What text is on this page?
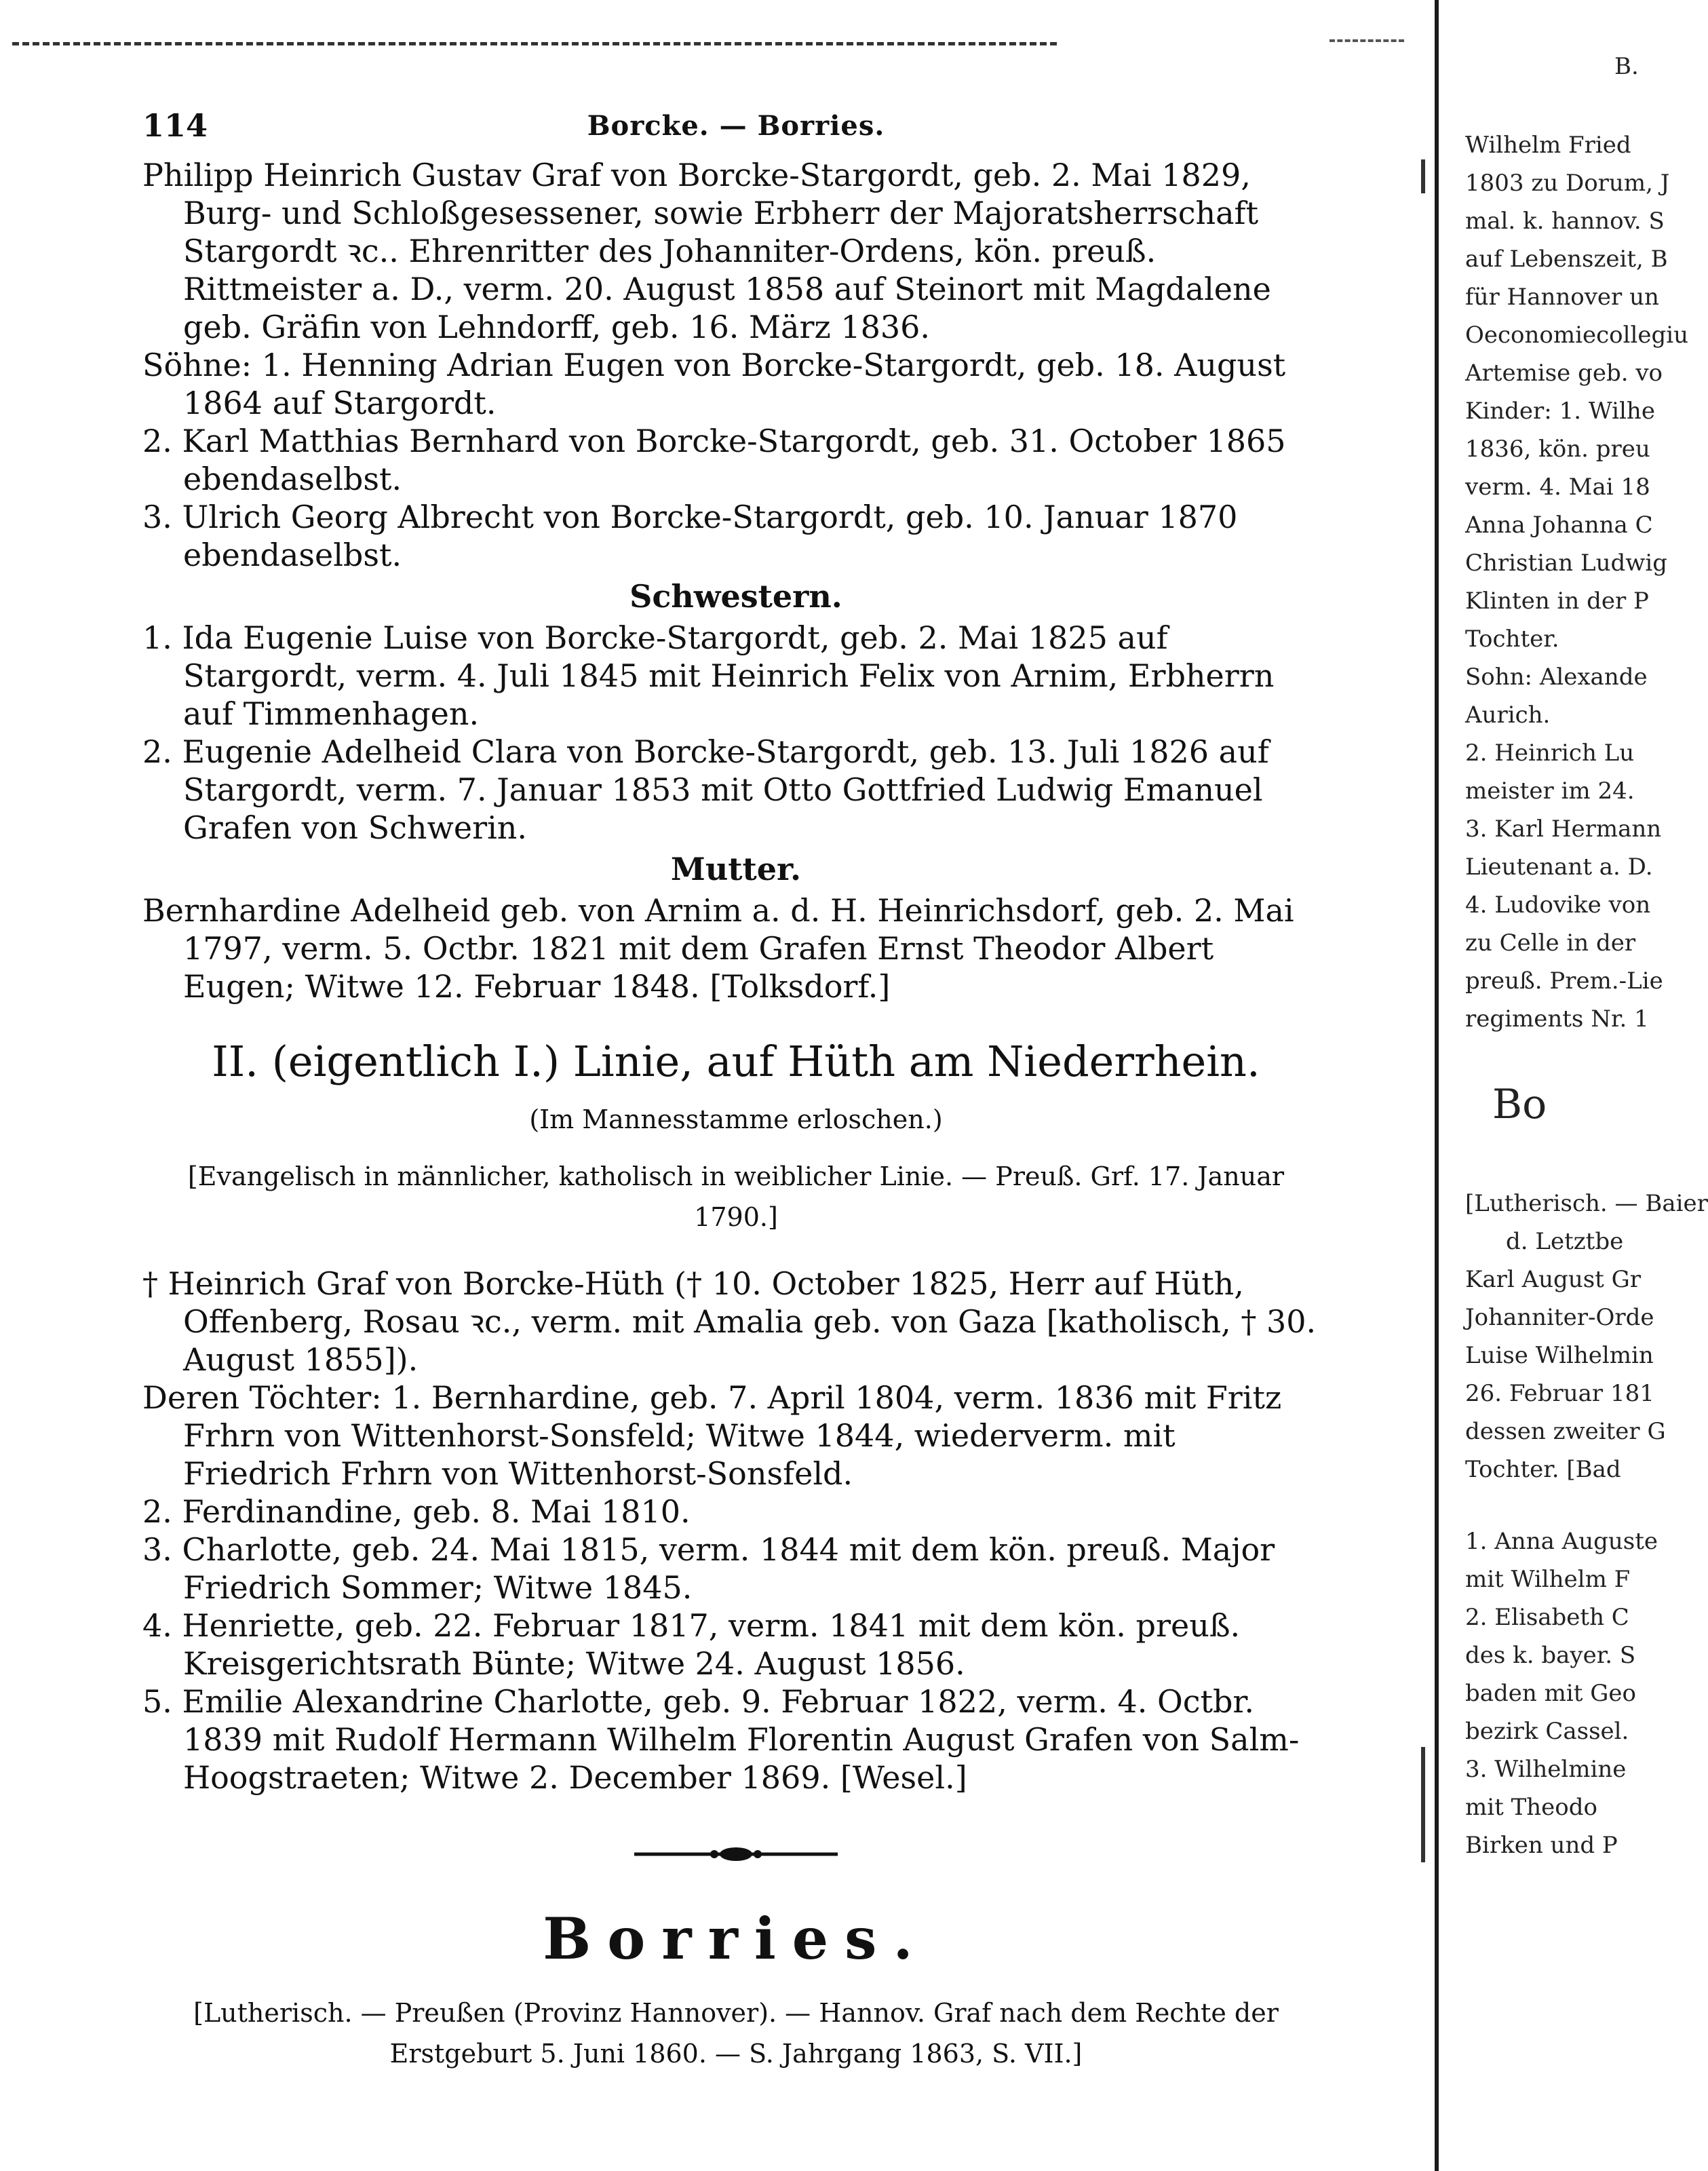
114	Borcke. — Borries.

Philipp Heinrich Gustav Graf von Borcke-Stargordt, geb. 2. Mai 1829, Burg- und Schloßgesessener, sowie Erbherr der Majoratsherrschaft Stargordt ꝛc.. Ehrenritter des Johanniter-Ordens, kön. preuß. Rittmeister a. D., verm. 20. August 1858 auf Steinort mit Magdalene geb. Gräfin von Lehndorff, geb. 16. März 1836.

Söhne: 1. Henning Adrian Eugen von Borcke-Stargordt, geb. 18. August 1864 auf Stargordt.

2. Karl Matthias Bernhard von Borcke-Stargordt, geb. 31. October 1865 ebendaselbst.

3. Ulrich Georg Albrecht von Borcke-Stargordt, geb. 10. Januar 1870 ebendaselbst.

Schwestern.

1. Ida Eugenie Luise von Borcke-Stargordt, geb. 2. Mai 1825 auf Stargordt, verm. 4. Juli 1845 mit Heinrich Felix von Arnim, Erbherrn auf Timmenhagen.

2. Eugenie Adelheid Clara von Borcke-Stargordt, geb. 13. Juli 1826 auf Stargordt, verm. 7. Januar 1853 mit Otto Gottfried Ludwig Emanuel Grafen von Schwerin.

Mutter.

Bernhardine Adelheid geb. von Arnim a. d. H. Heinrichsdorf, geb. 2. Mai 1797, verm. 5. Octbr. 1821 mit dem Grafen Ernst Theodor Albert Eugen; Witwe 12. Februar 1848. [Tolksdorf.]

II. (eigentlich I.) Linie, auf Hüth am Niederrhein.
(Im Mannesstamme erloschen.)
[Evangelisch in männlicher, katholisch in weiblicher Linie. — Preuß. Grf. 17. Januar 1790.]

† Heinrich Graf von Borcke-Hüth († 10. October 1825, Herr auf Hüth, Offenberg, Rosau ꝛc., verm. mit Amalia geb. von Gaza [katholisch, † 30. August 1855]).

Deren Töchter: 1. Bernhardine, geb. 7. April 1804, verm. 1836 mit Fritz Frhrn von Wittenhorst-Sonsfeld; Witwe 1844, wiederverm. mit Friedrich Frhrn von Wittenhorst-Sonsfeld.

2. Ferdinandine, geb. 8. Mai 1810.

3. Charlotte, geb. 24. Mai 1815, verm. 1844 mit dem kön. preuß. Major Friedrich Sommer; Witwe 1845.

4. Henriette, geb. 22. Februar 1817, verm. 1841 mit dem kön. preuß. Kreisgerichtsrath Bünte; Witwe 24. August 1856.

5. Emilie Alexandrine Charlotte, geb. 9. Februar 1822, verm. 4. Octbr. 1839 mit Rudolf Hermann Wilhelm Florentin August Grafen von Salm-Hoogstraeten; Witwe 2. December 1869. [Wesel.]

Borries.
[Lutherisch. — Preußen (Provinz Hannover). — Hannov. Graf nach dem Rechte der Erstgeburt 5. Juni 1860. — S. Jahrgang 1863, S. VII.]
B.
Wilhelm Fried
1803 zu Dorum, J
mal. k. hannov. S
auf Lebenszeit, B
für Hannover un
Oeconomiecollegiu
Artemise geb. vo
Kinder: 1. Wilhe
1836, kön. preu
verm. 4. Mai 18
Anna Johanna C
Christian Ludwig
Klinten in der P
Tochter.
Sohn: Alexande
Aurich.
2. Heinrich Lu
meister im 24.
3. Karl Hermann
Lieutenant a. D.
4. Ludovike von
zu Celle in der
preuß. Prem.-Lie
regiments Nr. 1
Bo
[Lutherisch. — Baier
d. Letztbe
Karl August Gr
Johanniter-Orde
Luise Wilhelmin
26. Februar 181
dessen zweiter G
Tochter. [Bad
1. Anna Auguste
mit Wilhelm F
2. Elisabeth C
des k. bayer. S
baden mit Geo
bezirk Cassel.
3. Wilhelmine
mit Theodo
Birken und P
